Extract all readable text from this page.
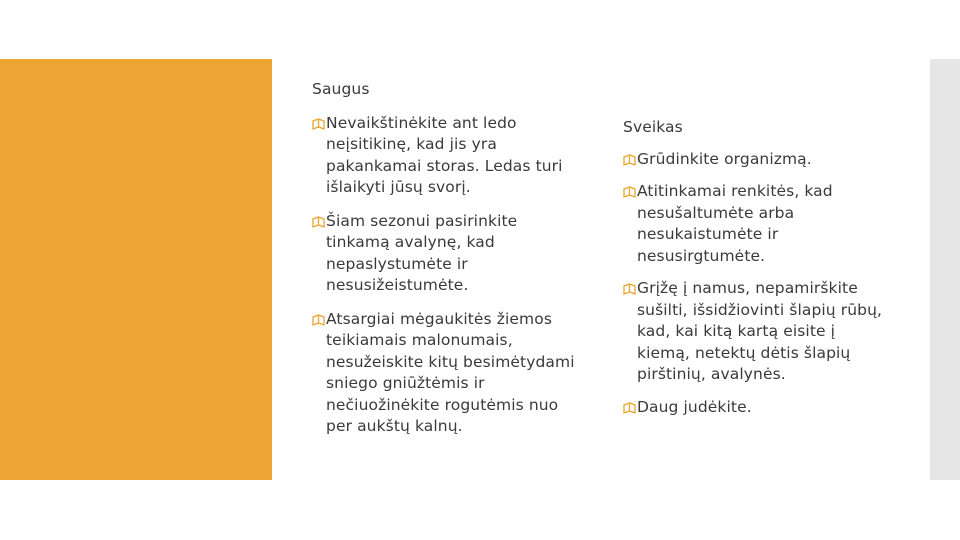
Saugus
Nevaikštinėkite ant ledo neįsitikinę, kad jis yra pakankamai storas. Ledas turi išlaikyti jūsų svorį.
Šiam sezonui pasirinkite tinkamą avalynę, kad nepaslystumėte ir nesusižeistumėte.
Atsargiai mėgaukitės žiemos teikiamais malonumais, nesužeiskite kitų besimėtydami sniego gniūžtėmis ir nečiuožinėkite rogutėmis nuo per aukštų kalnų.
Sveikas
Grūdinkite organizmą.
Atitinkamai renkitės, kad nesušaltumėte arba nesukaistumėte ir nesusirgtumėte.
Grįžę į namus, nepamirškite sušilti, išsidžiovinti šlapių rūbų, kad, kai kitą kartą eisite į kiemą, netektų dėtis šlapių pirštinių, avalynės.
Daug judėkite.
